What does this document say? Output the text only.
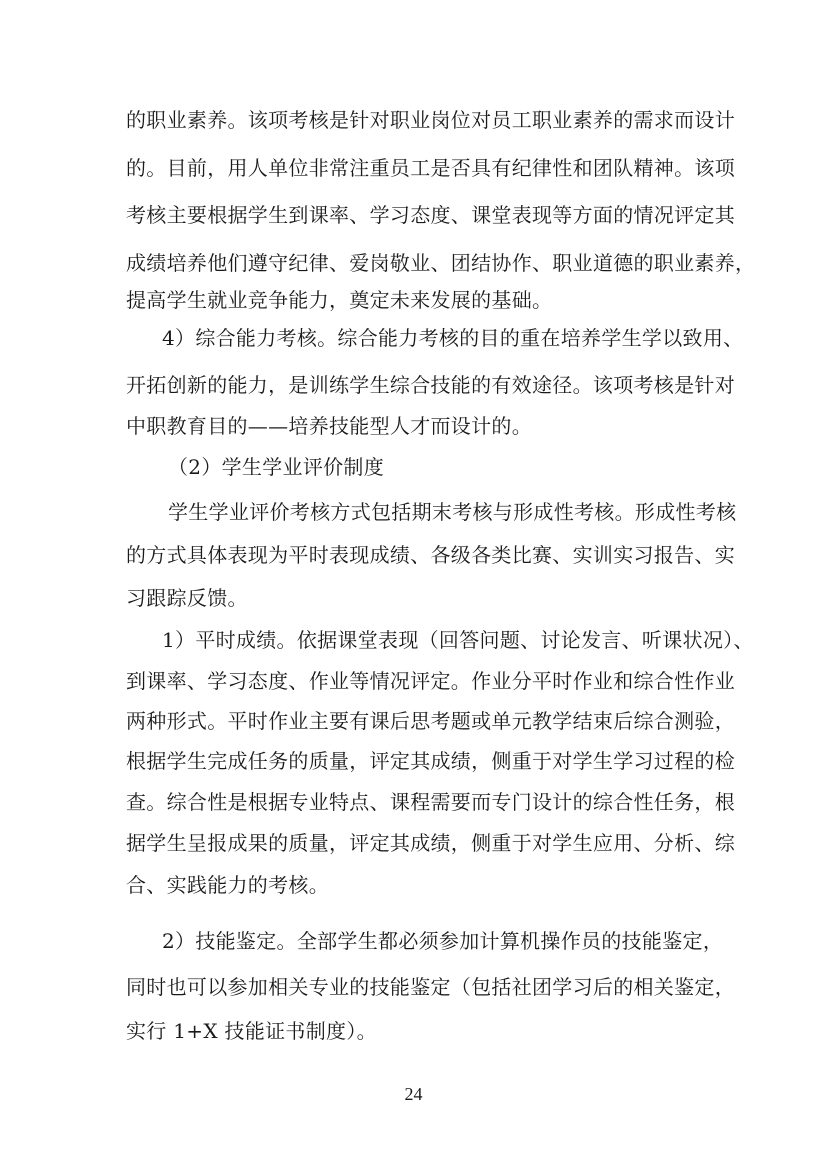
的职业素养。该项考核是针对职业岗位对员工职业素养的需求而设计
的。目前，用人单位非常注重员工是否具有纪律性和团队精神。该项
考核主要根据学生到课率、学习态度、课堂表现等方面的情况评定其
成绩培养他们遵守纪律、爱岗敬业、团结协作、职业道德的职业素养，
提高学生就业竞争能力，奠定未来发展的基础。
4）综合能力考核。综合能力考核的目的重在培养学生学以致用、
开拓创新的能力，是训练学生综合技能的有效途径。该项考核是针对
中职教育目的——培养技能型人才而设计的。
（2）学生学业评价制度
学生学业评价考核方式包括期末考核与形成性考核。形成性考核
的方式具体表现为平时表现成绩、各级各类比赛、实训实习报告、实
习跟踪反馈。
1）平时成绩。依据课堂表现（回答问题、讨论发言、听课状况）、
到课率、学习态度、作业等情况评定。作业分平时作业和综合性作业
两种形式。平时作业主要有课后思考题或单元教学结束后综合测验，
根据学生完成任务的质量，评定其成绩，侧重于对学生学习过程的检
查。综合性是根据专业特点、课程需要而专门设计的综合性任务，根
据学生呈报成果的质量，评定其成绩，侧重于对学生应用、分析、综
合、实践能力的考核。
2）技能鉴定。全部学生都必须参加计算机操作员的技能鉴定，
同时也可以参加相关专业的技能鉴定（包括社团学习后的相关鉴定，
实行 1+X 技能证书制度）。
24
